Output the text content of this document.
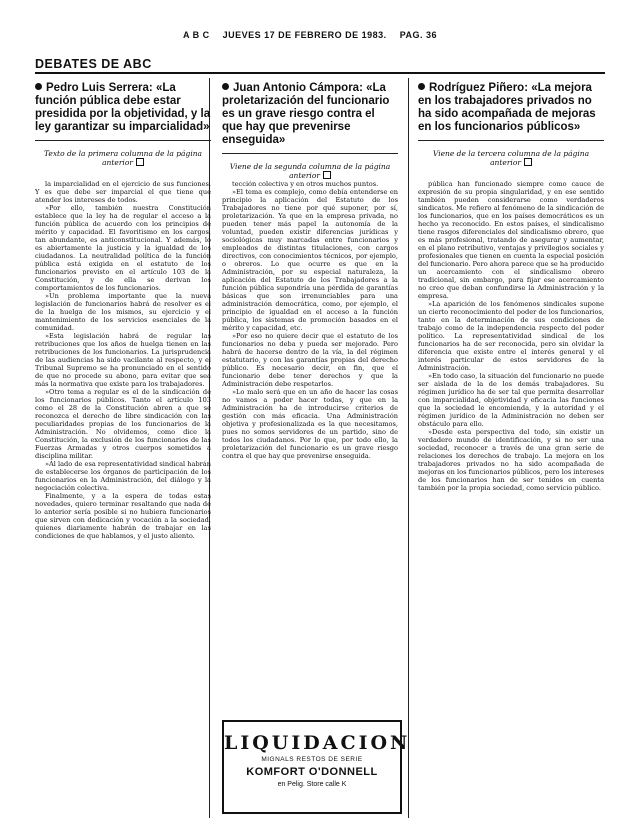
A B C JUEVES 17 DE FEBRERO DE 1983. PAG. 36
DEBATES DE ABC
Pedro Luis Serrera: «La función pública debe estar presidida por la objetividad, y la ley garantizar su imparcialidad»
Texto de la primera columna de la página anterior

la imparcialidad en el ejercicio de sus funciones. Y es que debe ser imparcial el que tiene que atender los intereses de todos.

»Por ello, también nuestra Constitución establece que la ley ha de regular el acceso a la función pública de acuerdo con los principios de mérito y capacidad. El favoritismo en los cargos, tan abundante, es anticonstitucional. Y además, lo es abiertamente la justicia y la igualdad de los ciudadanos. La neutralidad política de la función pública está exigida en el estatuto de los funcionarios previsto en el artículo 103 de la Constitución, y de ella se derivan los comportamientos de los funcionarios.

»Un problema importante que la nueva legislación de funcionarios habrá de resolver es el de la huelga de los mismos, su ejercicio y el mantenimiento de los servicios esenciales de la comunidad.

»Esta legislación habrá de regular las retribuciones que los años de huelga tienen en las retribuciones de los funcionarios. La jurisprudencia de las audiencias ha sido vacilante al respecto, y el Tribunal Supremo se ha pronunciado en el sentido de que no procede su abono, para evitar que sea más la normativa que existe para los trabajadores.

»Otro tema a regular es el de la sindicación de los funcionarios públicos. Tanto el artículo 103 como el 28 de la Constitución abren a que se reconozca el derecho de libre sindicación con las peculiaridades propias de los funcionarios de la Administración. No olvidemos, como dice la Constitución, la exclusión de los funcionarios de las Fuerzas Armadas y otros cuerpos sometidos a disciplina militar.

»Al lado de esa representatividad sindical habrán de establecerse los órganos de participación de los funcionarios en la Administración, del diálogo y la negociación colectiva.

Finalmente, y a la espera de todas estas novedades, quiero terminar resaltando que nada de lo anterior sería posible si no hubiera funcionarios que sirven con dedicación y vocación a la sociedad, quienes diariamente habrán de trabajar en las condiciones de que hablamos, y el justo aliento.

Juan Antonio Cámpora: «La proletarización del funcionario es un grave riesgo contra el que hay que prevenirse enseguida»
Viene de la segunda columna de la página anterior

tección colectiva y en otros muchos puntos.

»El tema es complejo, como debía entenderse en principio la aplicación del Estatuto de los Trabajadores no tiene por qué suponer, por sí, proletarización. Ya que en la empresa privada, no pueden tener más papel la autonomía de la voluntad, pueden existir diferencias jurídicas y sociológicas muy marcadas entre funcionarios y empleados de distintas titulaciones, con cargos directivos, con conocimientos técnicos, por ejemplo, o obreros. Lo que ocurre es que en la Administración, por su especial naturaleza, la aplicación del Estatuto de los Trabajadores a la función pública supondría una pérdida de garantías básicas que son irrenunciables para una administración democrática, como, por ejemplo, el principio de igualdad en el acceso a la función pública, los sistemas de promoción basados en el mérito y capacidad, etc.

»Por eso no quiere decir que el estatuto de los funcionarios no deba y pueda ser mejorado. Pero habrá de hacerse dentro de la vía, la del régimen estatutario, y con las garantías propias del derecho público. Es necesario decir, en fin, que el funcionario debe tener derechos y que la Administración debe respetarlos.

»Lo malo será que en un año de hacer las cosas no vamos a poder hacer todas, y que en la Administración ha de introducirse criterios de gestión con más eficacia. Una Administración objetiva y profesionalizada es la que necesitamos, pues no somos servidores de un partido, sino de todos los ciudadanos. Por lo que, por todo ello, la proletarización del funcionario es un grave riesgo contra el que hay que prevenirse enseguida.

LIQUIDACION
MIGNALS RESTOS DE SERIE
KOMFORT O'DONNELL
en Pelig. Store calle K
Rodríguez Piñero: «La mejora en los trabajadores privados no ha sido acompañada de mejoras en los funcionarios públicos»
Viene de la tercera columna de la página anterior

pública han funcionado siempre como cauce de expresión de su propia singularidad, y en ese sentido también pueden considerarse como verdaderos sindicatos. Me refiero al fenómeno de la sindicación de los funcionarios, que en los países democráticos es un hecho ya reconocido. En estos países, el sindicalismo tiene rasgos diferenciales del sindicalismo obrero, que es más profesional, tratando de asegurar y aumentar, en el plano retributivo, ventajas y privilegios sociales y profesionales que tienen en cuenta la especial posición del funcionario. Pero ahora parece que se ha producido un acercamiento con el sindicalismo obrero tradicional, sin embargo, para fijar ese acercamiento no creo que deban confundirse la Administración y la empresa.

»La aparición de los fenómenos sindicales supone un cierto reconocimiento del poder de los funcionarios, tanto en la determinación de sus condiciones de trabajo como de la independencia respecto del poder político. La representatividad sindical de los funcionarios ha de ser reconocida, pero sin olvidar la diferencia que existe entre el interés general y el interés particular de estos servidores de la Administración.

»En todo caso, la situación del funcionario no puede ser aislada de la de los demás trabajadores. Su régimen jurídico ha de ser tal que permita desarrollar con imparcialidad, objetividad y eficacia las funciones que la sociedad le encomienda, y la autoridad y el régimen jurídico de la Administración no deben ser obstáculo para ello.

»Desde esta perspectiva del todo, sin existir un verdadero mundo de identificación, y si no ser una sociedad, reconocer a través de una gran serie de relaciones los derechos de trabajo. La mejora en los trabajadores privados no ha sido acompañada de mejoras en los funcionarios públicos, pero los intereses de los funcionarios han de ser tenidos en cuenta también por la propia sociedad, como servicio público.
